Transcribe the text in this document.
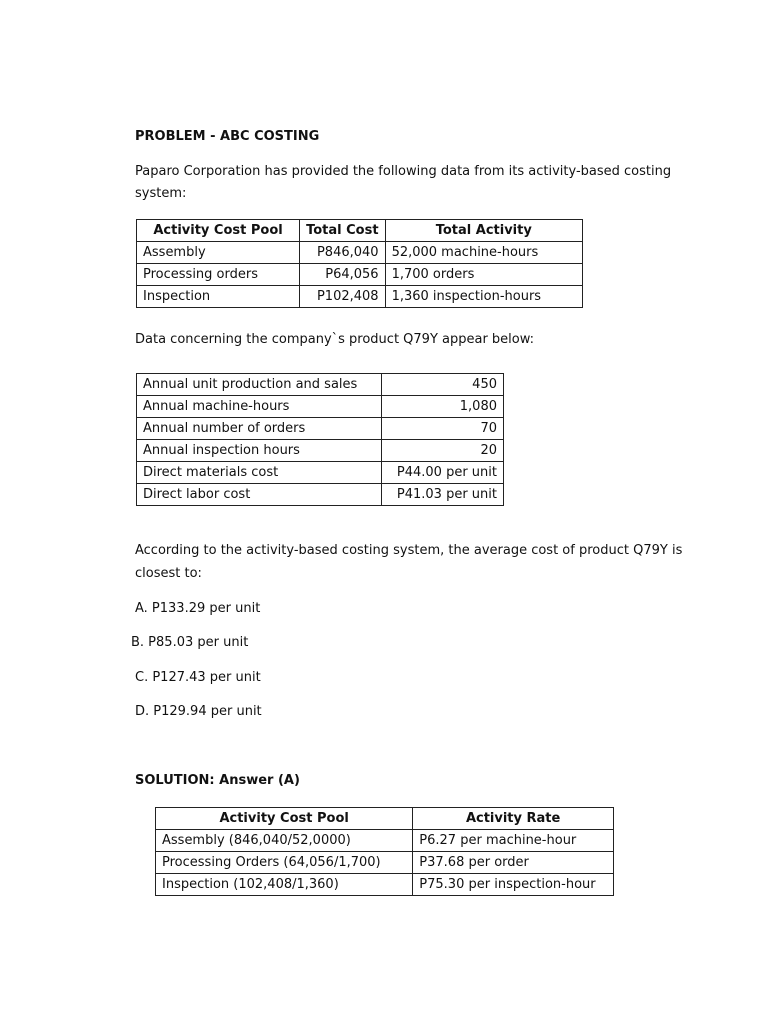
PROBLEM - ABC COSTING

Paparo Corporation has provided the following data from its activity-based costing

system:

Activity Cost Pool	Total Cost	Total Activity
Assembly	P846,040	52,000 machine-hours
Processing orders	P64,056	1,700 orders
Inspection	P102,408	1,360 inspection-hours

Data concerning the company`s product Q79Y appear below:

Annual unit production and sales	450
Annual machine-hours	1,080
Annual number of orders	70
Annual inspection hours	20
Direct materials cost	P44.00 per unit
Direct labor cost	P41.03 per unit

According to the activity-based costing system, the average cost of product Q79Y is

closest to:

A. P133.29 per unit

B. P85.03 per unit

C. P127.43 per unit

D. P129.94 per unit

SOLUTION: Answer (A)

Activity Cost Pool	Activity Rate
Assembly (846,040/52,0000)	P6.27 per machine-hour
Processing Orders (64,056/1,700)	P37.68 per order
Inspection (102,408/1,360)	P75.30 per inspection-hour
